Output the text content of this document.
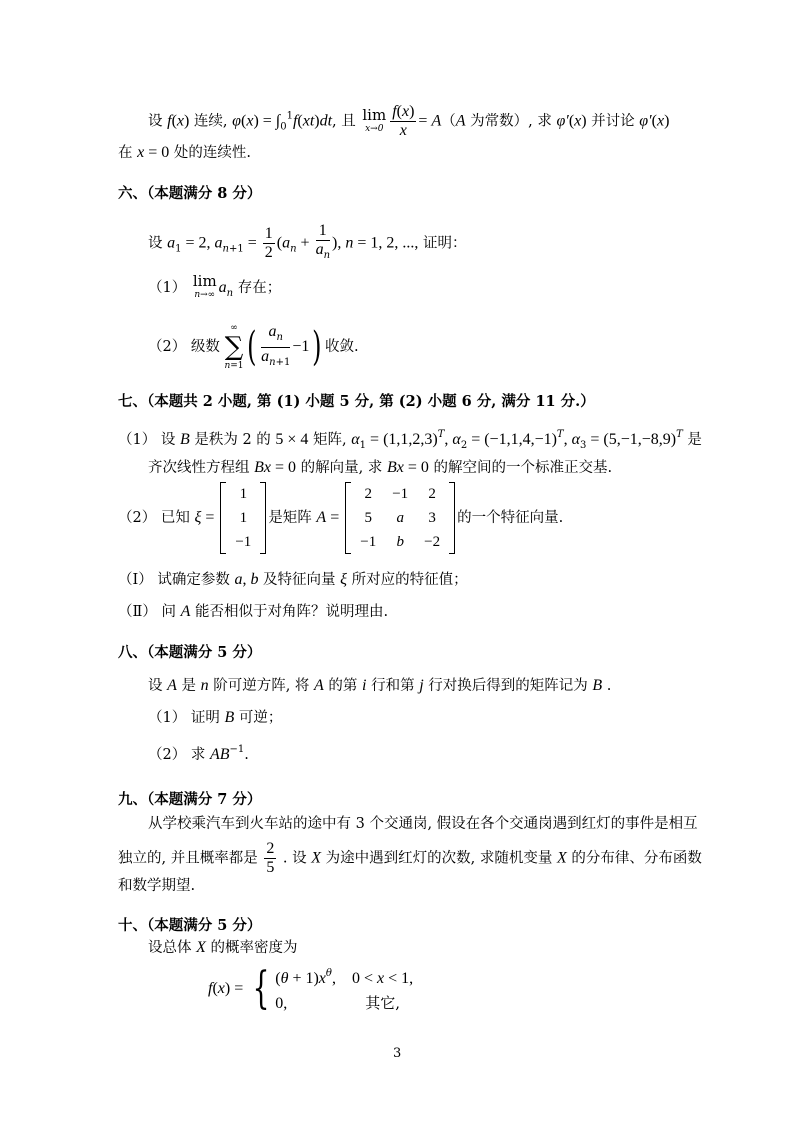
设 f(x) 连续, $\varphi(x) = \int_0^1f(xt)dt$, 且 lim
$x\to 0 \frac{f(x)}{x} = A(A$ 为常数）, 求 φ′(x) 并讨论 φ′(x)
在 x = 0 处的连续性.
六、（本题满分 8 分）
设 $a_1 = 2$, $a_{n+1} = \frac{1}{2} (a_n + \frac{1}{a_n}$ ), n = 1, 2, ..., 证明：
（1） lim
n→∞ $a_n$ 存在；
（2） 级数
∞
∑
n=1 ( $\frac{a_n}{a_{n+1}} -1$) 收敛.
七、（本题共 2 小题, 第 (1) 小题 5 分, 第 (2) 小题 6 分, 满分 11 分.）
（1） 设 B 是秩为 2 的 5 × 4 矩阵, $\alpha_1 = (1,1,2,3)^T$, $\alpha_2 = (-1,1,4,-1)^T$, $\alpha_3 = (5,-1,-8,9)^T$ 是
齐次线性方程组 Bx = 0 的解向量, 求 Bx = 0 的解空间的一个标准正交基.
（2） 已知 ξ =
1
1
−1
是矩阵 A =
2	−1	2
5	a	3
−1	b	−2
的一个特征向量.
（Ⅰ） 试确定参数 a, b 及特征向量 ξ 所对应的特征值；
（Ⅱ） 问 A 能否相似于对角阵？说明理由.
八、（本题满分 5 分）
设 A 是 n 阶可逆方阵, 将 A 的第 i 行和第 j 行对换后得到的矩阵记为 B .
（1） 证明 B 可逆；
（2） 求 $AB^{-1}$.
九、（本题满分 7 分）
从学校乘汽车到火车站的途中有 3 个交通岗, 假设在各个交通岗遇到红灯的事件是相互
独立的, 并且概率都是 $\frac{2}{5}$ . 设 X 为途中遇到红灯的次数, 求随机变量 X 的分布律、分布函数
和数学期望.
十、（本题满分 5 分）
设总体 X 的概率密度为
f(x) = { $(\theta + 1)x^\theta$,    0 < x < 1,
0,	其它,
3
